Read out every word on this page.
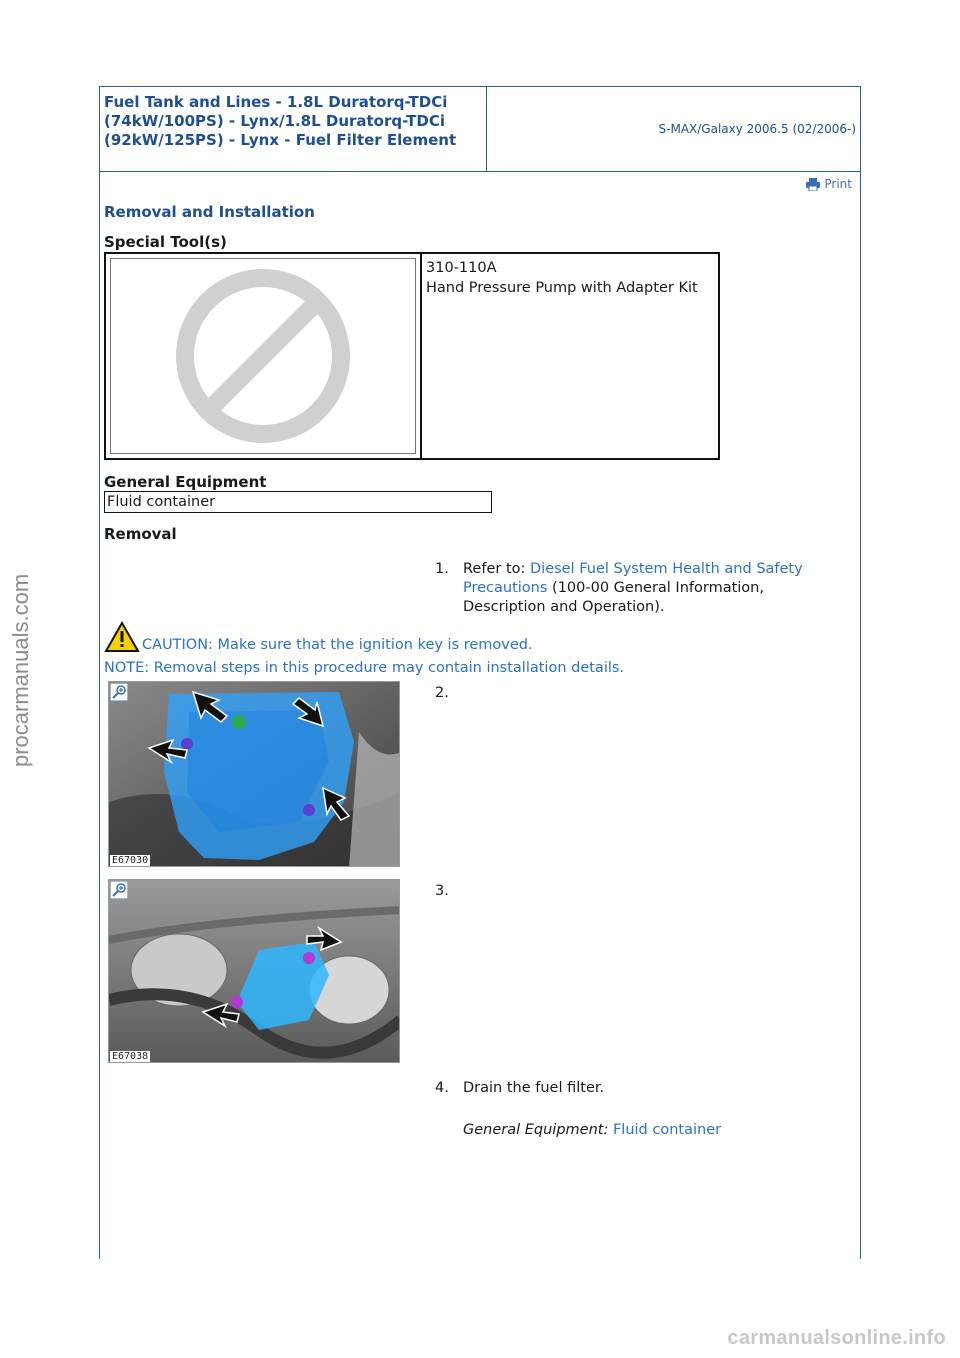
procarmanuals.com
carmanualsonline.info
Fuel Tank and Lines - 1.8L Duratorq-TDCi (74kW/100PS) - Lynx/1.8L Duratorq-TDCi (92kW/125PS) - Lynx - Fuel Filter Element
S-MAX/Galaxy 2006.5 (02/2006-)
Print
Removal and Installation
Special Tool(s)
310-110A
Hand Pressure Pump with Adapter Kit
General Equipment
Fluid container
Removal
1. Refer to: Diesel Fuel System Health and Safety Precautions (100-00 General Information, Description and Operation).
CAUTION: Make sure that the ignition key is removed.
NOTE: Removal steps in this procedure may contain installation details.
E67030
2.
E67038
3.
4. Drain the fuel filter.
General Equipment: Fluid container
